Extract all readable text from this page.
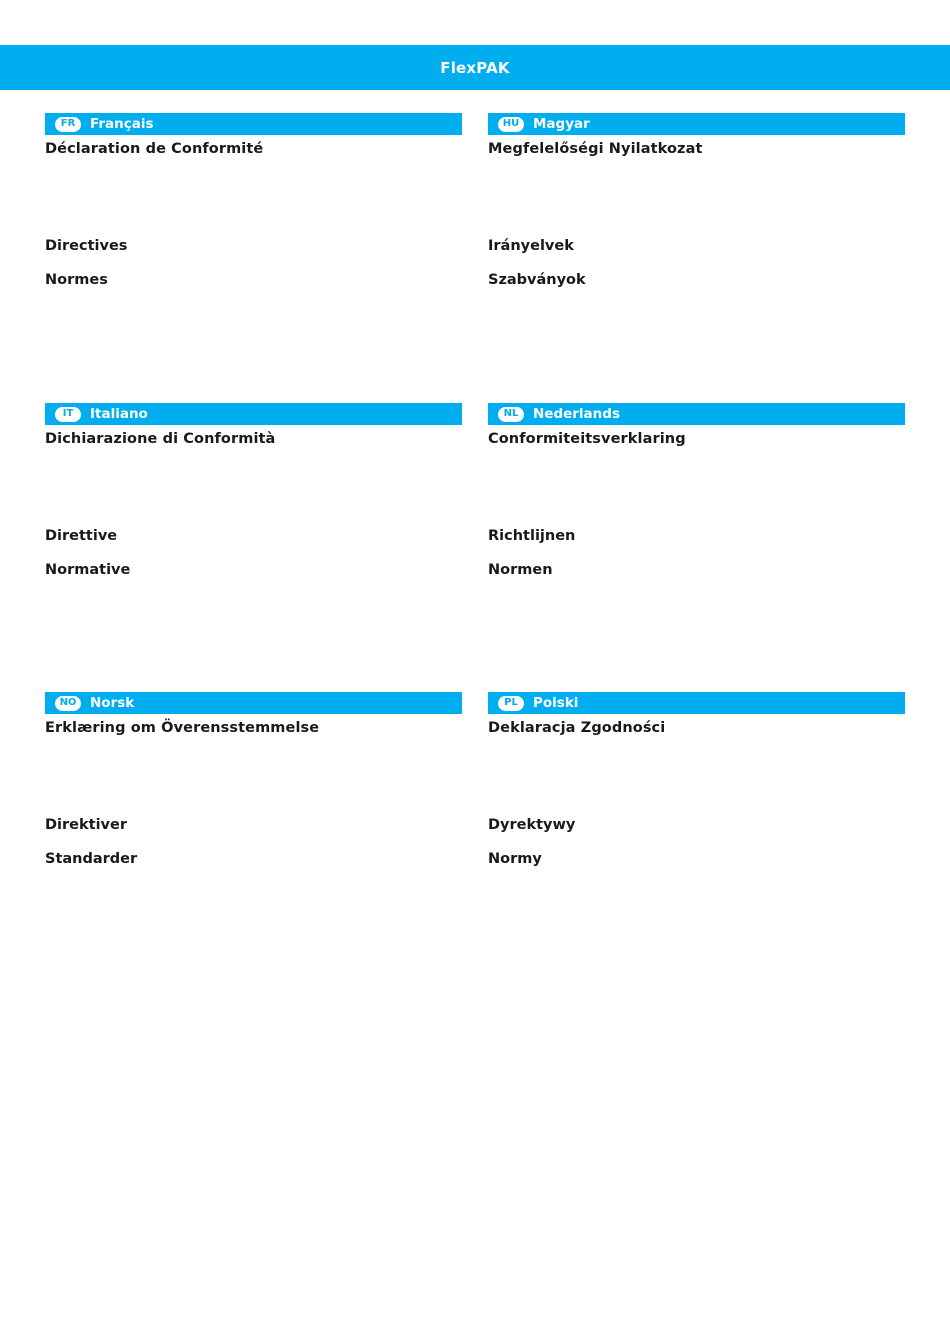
FlexPAK
FR	Français
Déclaration de Conformité
Directives
Normes
HU	Magyar
Megfelelőségi Nyilatkozat
Irányelvek
Szabványok
IT	Italiano
Dichiarazione di Conformità
Direttive
Normative
NL	Nederlands
Conformiteitsverklaring
Richtlijnen
Normen
NO	Norsk
Erklæring om Överensstemmelse
Direktiver
Standarder
PL	Polski
Deklaracja Zgodności
Dyrektywy
Normy
